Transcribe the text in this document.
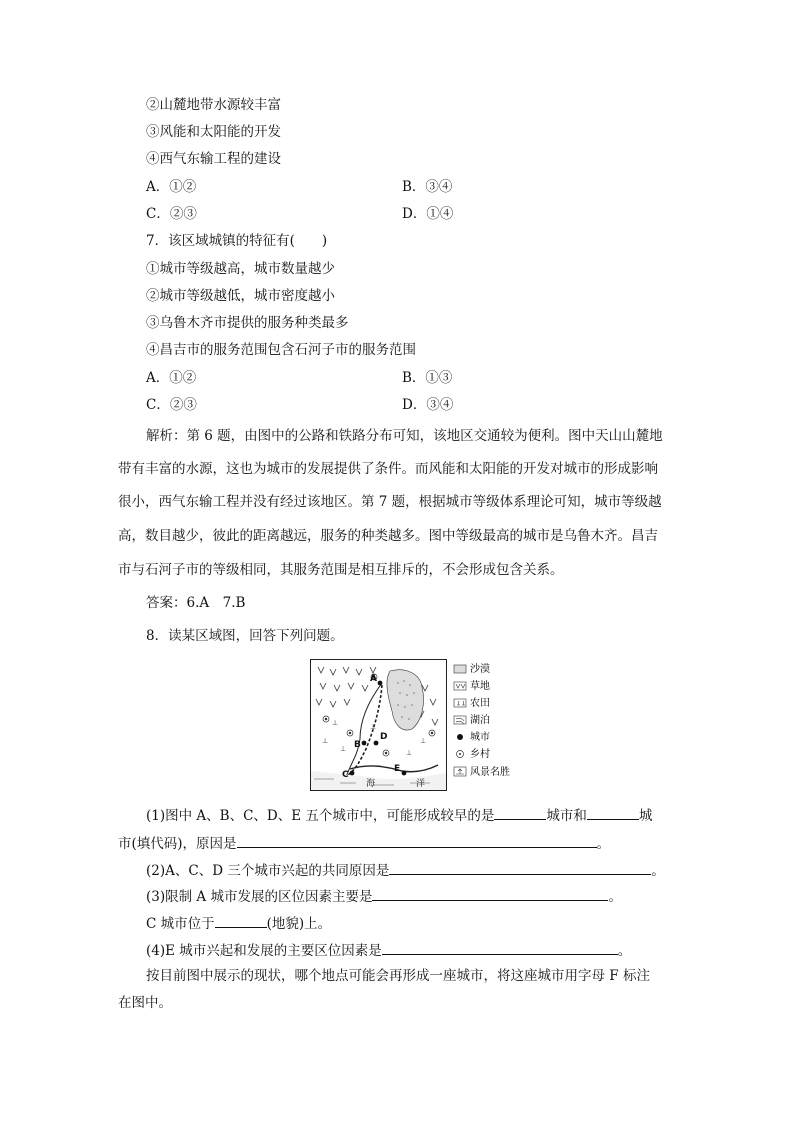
②山麓地带水源较丰富
③风能和太阳能的开发
④西气东输工程的建设
A．①②	B．③④
C．②③	D．①④
7．该区域城镇的特征有(　　)
①城市等级越高，城市数量越少
②城市等级越低，城市密度越小
③乌鲁木齐市提供的服务种类最多
④昌吉市的服务范围包含石河子市的服务范围
A．①②	B．①③
C．②③	D．③④
解析：第 6 题，由图中的公路和铁路分布可知，该地区交通较为便利。图中天山山麓地
带有丰富的水源，这也为城市的发展提供了条件。而风能和太阳能的开发对城市的形成影响
很小，西气东输工程并没有经过该地区。第 7 题，根据城市等级体系理论可知，城市等级越
高，数目越少，彼此的距离越远，服务的种类越多。图中等级最高的城市是乌鲁木齐。昌吉
市与石河子市的等级相同，其服务范围是相互排斥的，不会形成包含关系。
答案：6.A　7.B
8．读某区域图，回答下列问题。
⊥
⊥
⊥
⊥
⊥
⊥
A
B
C
D
E
海	洋
沙漠
草地
农田
湖泊
城市
乡村
风景名胜
(1)图中 A、B、C、D、E 五个城市中，可能形成较早的是	城市和	城
市(填代码)，原因是	。
(2)A、C、D 三个城市兴起的共同原因是	。
(3)限制 A 城市发展的区位因素主要是	。
C 城市位于	(地貌)上。
(4)E 城市兴起和发展的主要区位因素是	。
按目前图中展示的现状，哪个地点可能会再形成一座城市，将这座城市用字母 F 标注
在图中。
